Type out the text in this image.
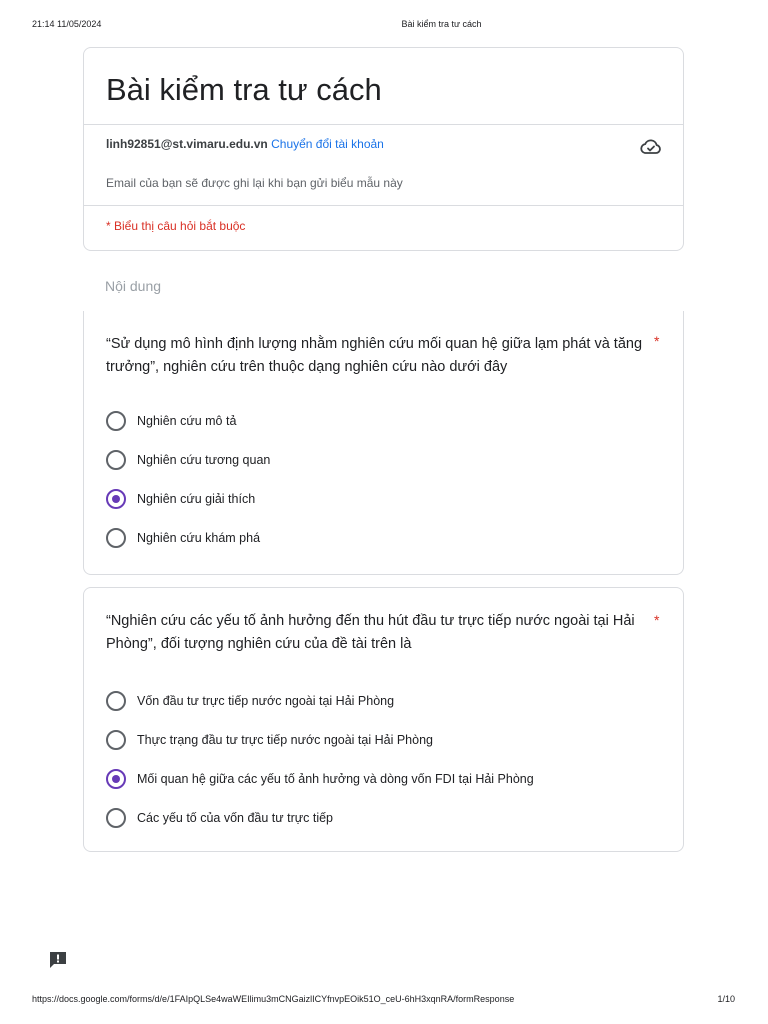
21:14 11/05/2024	Bài kiểm tra tư cách
Bài kiểm tra tư cách
linh92851@st.vimaru.edu.vn Chuyển đổi tài khoản
Email của bạn sẽ được ghi lại khi bạn gửi biểu mẫu này
* Biểu thị câu hỏi bắt buộc
Nội dung
“Sử dụng mô hình định lượng nhằm nghiên cứu mối quan hệ giữa lạm phát và tăng trưởng”, nghiên cứu trên thuộc dạng nghiên cứu nào dưới đây
*
Nghiên cứu mô tả
Nghiên cứu tương quan
Nghiên cứu giải thích
Nghiên cứu khám phá
“Nghiên cứu các yếu tố ảnh hưởng đến thu hút đầu tư trực tiếp nước ngoài tại Hải Phòng”, đối tượng nghiên cứu của đề tài trên là
*
Vốn đầu tư trực tiếp nước ngoài tại Hải Phòng
Thực trạng đầu tư trực tiếp nước ngoài tại Hải Phòng
Mối quan hệ giữa các yếu tố ảnh hưởng và dòng vốn FDI tại Hải Phòng
Các yếu tố của vốn đầu tư trực tiếp
https://docs.google.com/forms/d/e/1FAIpQLSe4waWEIlimu3mCNGaizlICYfnvpEOik51O_ceU-6hH3xqnRA/formResponse	1/10
